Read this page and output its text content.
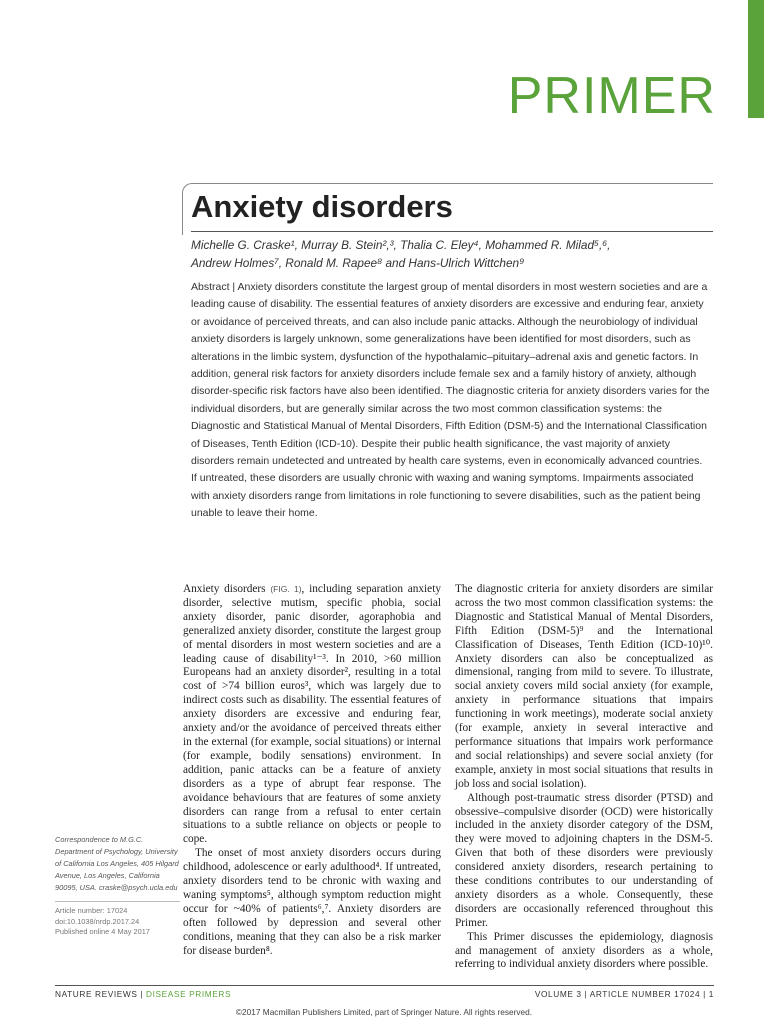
PRIMER
Anxiety disorders
Michelle G. Craske¹, Murray B. Stein²,³, Thalia C. Eley⁴, Mohammed R. Milad⁵,⁶,
Andrew Holmes⁷, Ronald M. Rapee⁸ and Hans-Ulrich Wittchen⁹
Abstract | Anxiety disorders constitute the largest group of mental disorders in most western societies and are a leading cause of disability. The essential features of anxiety disorders are excessive and enduring fear, anxiety or avoidance of perceived threats, and can also include panic attacks. Although the neurobiology of individual anxiety disorders is largely unknown, some generalizations have been identified for most disorders, such as alterations in the limbic system, dysfunction of the hypothalamic–pituitary–adrenal axis and genetic factors. In addition, general risk factors for anxiety disorders include female sex and a family history of anxiety, although disorder-specific risk factors have also been identified. The diagnostic criteria for anxiety disorders varies for the individual disorders, but are generally similar across the two most common classification systems: the Diagnostic and Statistical Manual of Mental Disorders, Fifth Edition (DSM-5) and the International Classification of Diseases, Tenth Edition (ICD-10). Despite their public health significance, the vast majority of anxiety disorders remain undetected and untreated by health care systems, even in economically advanced countries. If untreated, these disorders are usually chronic with waxing and waning symptoms. Impairments associated with anxiety disorders range from limitations in role functioning to severe disabilities, such as the patient being unable to leave their home.

Anxiety disorders (FIG. 1), including separation anxiety disorder, selective mutism, specific phobia, social anxiety disorder, panic disorder, agoraphobia and generalized anxiety disorder, constitute the largest group of mental disorders in most western societies and are a leading cause of disability¹⁻³. In 2010, >60 million Europeans had an anxiety disorder², resulting in a total cost of >74 billion euros³, which was largely due to indirect costs such as disability. The essential features of anxiety disorders are excessive and enduring fear, anxiety and/or the avoidance of perceived threats either in the external (for example, social situations) or internal (for example, bodily sensations) environment. In addition, panic attacks can be a feature of anxiety disorders as a type of abrupt fear response. The avoidance behaviours that are features of some anxiety disorders can range from a refusal to enter certain situations to a subtle reliance on objects or people to cope.

The onset of most anxiety disorders occurs during childhood, adolescence or early adulthood⁴. If untreated, anxiety disorders tend to be chronic with waxing and waning symptoms⁵, although symptom reduction might occur for ~40% of patients⁶,⁷. Anxiety disorders are often followed by depression and several other conditions, meaning that they can also be a risk marker for disease burden⁸.

The diagnostic criteria for anxiety disorders are similar across the two most common classification systems: the Diagnostic and Statistical Manual of Mental Disorders, Fifth Edition (DSM-5)⁹ and the International Classification of Diseases, Tenth Edition (ICD-10)¹⁰. Anxiety disorders can also be conceptualized as dimensional, ranging from mild to severe. To illustrate, social anxiety covers mild social anxiety (for example, anxiety in performance situations that impairs functioning in work meetings), moderate social anxiety (for example, anxiety in several interactive and performance situations that impairs work performance and social relationships) and severe social anxiety (for example, anxiety in most social situations that results in job loss and social isolation).

Although post-traumatic stress disorder (PTSD) and obsessive–compulsive disorder (OCD) were historically included in the anxiety disorder category of the DSM, they were moved to adjoining chapters in the DSM-5. Given that both of these disorders were previously considered anxiety disorders, research pertaining to these conditions contributes to our understanding of anxiety disorders as a whole. Consequently, these disorders are occasionally referenced throughout this Primer.

This Primer discusses the epidemiology, diagnosis and management of anxiety disorders as a whole, referring to individual anxiety disorders where possible.

Correspondence to M.G.C. Department of Psychology, University of California Los Angeles, 405 Hilgard Avenue, Los Angeles, California 90095, USA. craske@psych.ucla.edu
Article number: 17024
doi:10.1038/nrdp.2017.24
Published online 4 May 2017
NATURE REVIEWS | DISEASE PRIMERS	VOLUME 3 | ARTICLE NUMBER 17024 | 1
©2017 Macmillan Publishers Limited, part of Springer Nature. All rights reserved.
